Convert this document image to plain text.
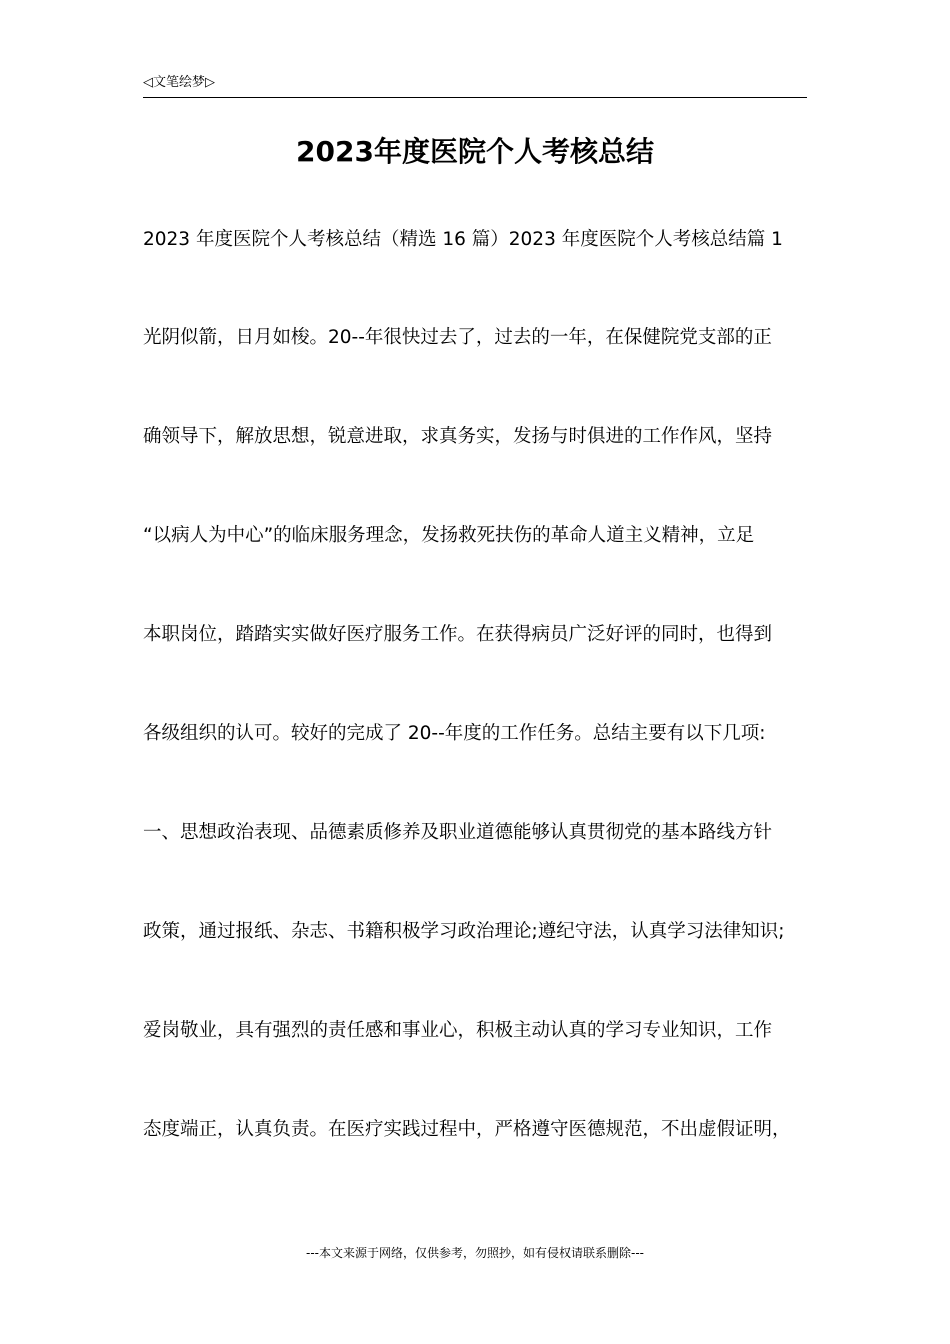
◁文笔绘梦▷
2023年度医院个人考核总结
2023 年度医院个人考核总结（精选 16 篇）2023 年度医院个人考核总结篇 1
光阴似箭，日月如梭。20--年很快过去了，过去的一年，在保健院党支部的正
确领导下，解放思想，锐意进取，求真务实，发扬与时俱进的工作作风，坚持
“以病人为中心”的临床服务理念，发扬救死扶伤的革命人道主义精神，立足
本职岗位，踏踏实实做好医疗服务工作。在获得病员广泛好评的同时，也得到
各级组织的认可。较好的完成了 20--年度的工作任务。总结主要有以下几项:
一、思想政治表现、品德素质修养及职业道德能够认真贯彻党的基本路线方针
政策，通过报纸、杂志、书籍积极学习政治理论;遵纪守法，认真学习法律知识;
爱岗敬业，具有强烈的责任感和事业心，积极主动认真的学习专业知识，工作
态度端正，认真负责。在医疗实践过程中，严格遵守医德规范，不出虚假证明，
---本文来源于网络，仅供参考，勿照抄，如有侵权请联系删除---
